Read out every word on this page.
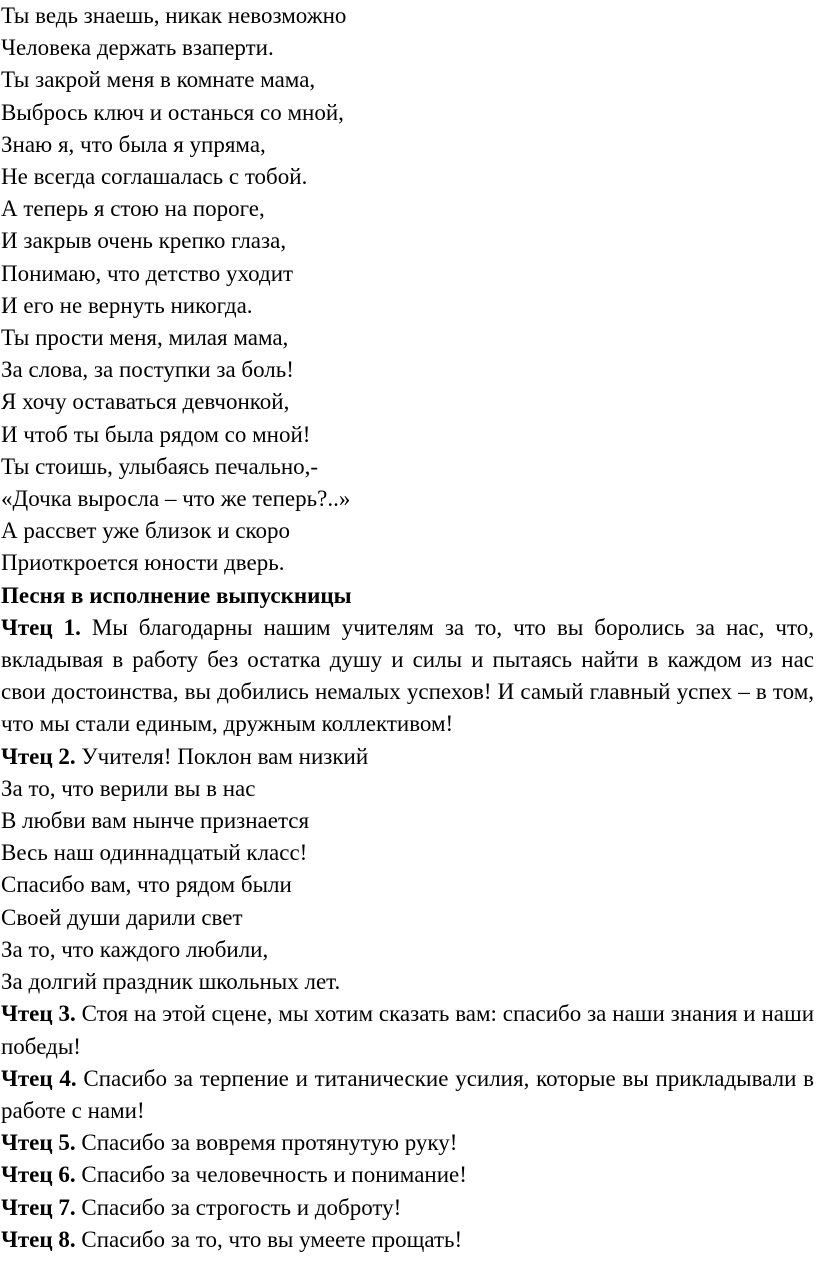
Ты ведь знаешь, никак невозможно
Человека держать взаперти.
Ты закрой меня в комнате мама,
Выбрось ключ и останься со мной,
Знаю я, что была я упряма,
Не всегда соглашалась с тобой.
А теперь я стою на пороге,
И закрыв очень крепко глаза,
Понимаю, что детство уходит
И его не вернуть никогда.
Ты прости меня, милая мама,
За слова, за поступки за боль!
Я хочу оставаться девчонкой,
И чтоб ты была рядом со мной!
Ты стоишь, улыбаясь печально,-
«Дочка выросла – что же теперь?..»
А рассвет уже близок и скоро
Приоткроется юности дверь.
Песня в исполнение выпускницы
Чтец 1. Мы благодарны нашим учителям за то, что вы боролись за нас, что, вкладывая в работу без остатка душу и силы и пытаясь найти в каждом из нас свои достоинства, вы добились немалых успехов! И самый главный успех – в том, что мы стали единым, дружным коллективом!
Чтец 2. Учителя! Поклон вам низкий
За то, что верили вы в нас
В любви вам нынче признается
Весь наш одиннадцатый класс!
Спасибо вам, что рядом были
Своей души дарили свет
За то, что каждого любили,
За долгий праздник школьных лет.
Чтец 3. Стоя на этой сцене, мы хотим сказать вам: спасибо за наши знания и наши победы!
Чтец 4. Спасибо за терпение и титанические усилия, которые вы прикладывали в работе с нами!
Чтец 5. Спасибо за вовремя протянутую руку!
Чтец 6. Спасибо за человечность и понимание!
Чтец 7. Спасибо за строгость и доброту!
Чтец 8. Спасибо за то, что вы умеете прощать!
